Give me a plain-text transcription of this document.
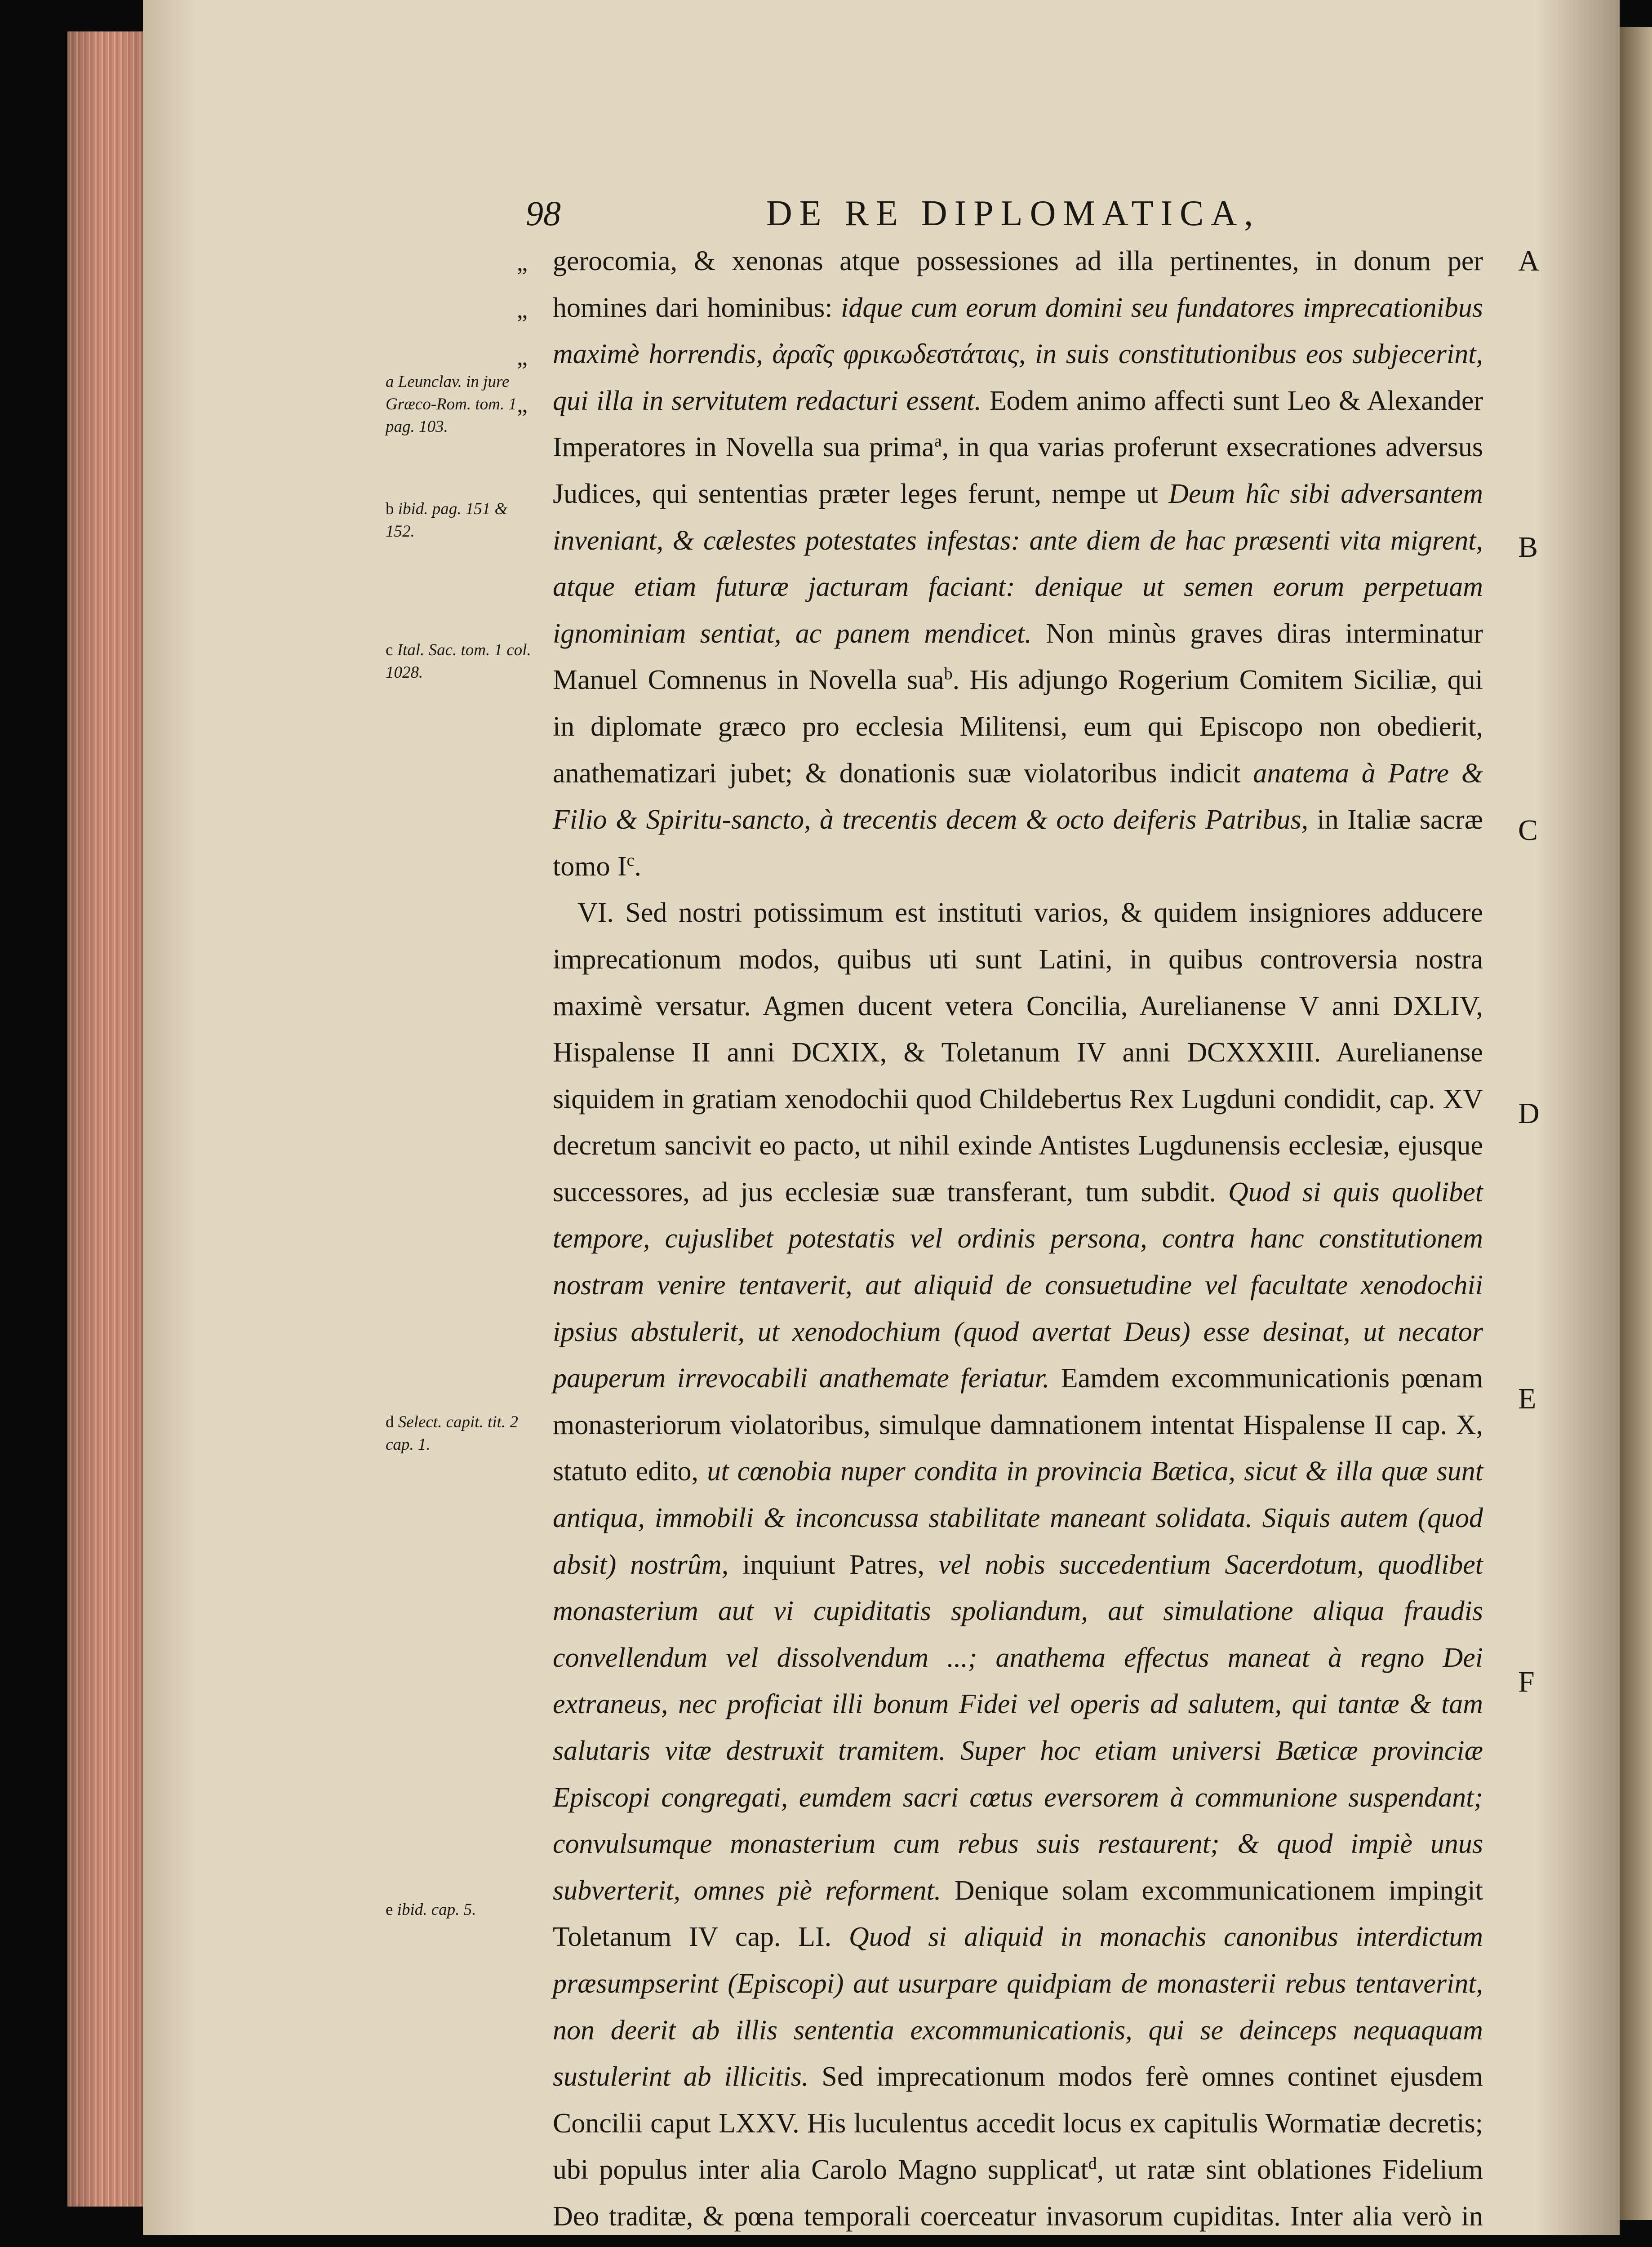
98	DE RE DIPLOMATICA,
„
„
„
„

gerocomia, & xenonas atque possessiones ad illa pertinentes, in donum per homines dari hominibus: idque cum eorum domini seu fundatores imprecationibus maximè horrendis, ἀραῖς φρικωδεστάταις, in suis constitutionibus eos subjecerint, qui illa in servitutem redacturi essent. Eodem animo affecti sunt Leo & Alexander Imperatores in Novella sua prima$^a$, in qua varias proferunt exsecrationes adversus Judices, qui sententias præter leges ferunt, nempe ut Deum hîc sibi adversantem inveniant, & cælestes potestates infestas: ante diem de hac præsenti vita migrent, atque etiam futuræ jacturam faciant: denique ut semen eorum perpetuam ignominiam sentiat, ac panem mendicet. Non minùs graves diras interminatur Manuel Comnenus in Novella sua$^b$. His adjungo Rogerium Comitem Siciliæ, qui in diplomate græco pro ecclesia Militensi, eum qui Episcopo non obedierit, anathematizari jubet; & donationis suæ violatoribus indicit anatema à Patre & Filio & Spiritu-sancto, à trecentis decem & octo deiferis Patribus, in Italiæ sacræ tomo $I^c$.

VI. Sed nostri potissimum est instituti varios, & quidem insigniores adducere imprecationum modos, quibus uti sunt Latini, in quibus controversia nostra maximè versatur. Agmen ducent vetera Concilia, Aurelianense V anni DXLIV, Hispalense II anni DCXIX, & Toletanum IV anni DCXXXIII. Aurelianense siquidem in gratiam xenodochii quod Childebertus Rex Lugduni condidit, cap. XV decretum sancivit eo pacto, ut nihil exinde Antistes Lugdunensis ecclesiæ, ejusque successores, ad jus ecclesiæ suæ transferant, tum subdit. Quod si quis quolibet tempore, cujuslibet potestatis vel ordinis persona, contra hanc constitutionem nostram venire tentaverit, aut aliquid de consuetudine vel facultate xenodochii ipsius abstulerit, ut xenodochium (quod avertat Deus) esse desinat, ut necator pauperum irrevocabili anathemate feriatur. Eamdem excommunicationis pœnam monasteriorum violatoribus, simulque damnationem intentat Hispalense II cap. X, statuto edito, ut cœnobia nuper condita in provincia Bætica, sicut & illa quæ sunt antiqua, immobili & inconcussa stabilitate maneant solidata. Siquis autem (quod absit) nostrûm, inquiunt Patres, vel nobis succedentium Sacerdotum, quodlibet monasterium aut vi cupiditatis spoliandum, aut simulatione aliqua fraudis convellendum vel dissolvendum ...; anathema effectus maneat à regno Dei extraneus, nec proficiat illi bonum Fidei vel operis ad salutem, qui tantæ & tam salutaris vitæ destruxit tramitem. Super hoc etiam universi Bæticæ provinciæ Episcopi congregati, eumdem sacri cœtus eversorem à communione suspendant; convulsumque monasterium cum rebus suis restaurent; & quod impiè unus subverterit, omnes piè reforment. Denique solam excommunicationem impingit Toletanum IV cap. LI. Quod si aliquid in monachis canonibus interdictum præsumpserint (Episcopi) aut usurpare quidpiam de monasterii rebus tentaverint, non deerit ab illis sententia excommunicationis, qui se deinceps nequaquam sustulerint ab illicitis. Sed imprecationum modos ferè omnes continet ejusdem Concilii caput LXXV. His luculentus accedit locus ex capitulis Wormatiæ decretis; ubi populus inter alia Carolo Magno supplicat$^d$, ut ratæ sint oblationes Fidelium Deo traditæ, & pœna temporali coerceatur invasorum cupiditas. Inter alia verò in

a Leunclav. in jure Græco-Rom. tom. 1 pag. 103.
b ibid. pag. 151 & 152.
c Ital. Sac. tom. 1 col. 1028.
d Select. capit. tit. 2 cap. 1.
e ibid. cap. 5.
A
B
C
D
E
F
